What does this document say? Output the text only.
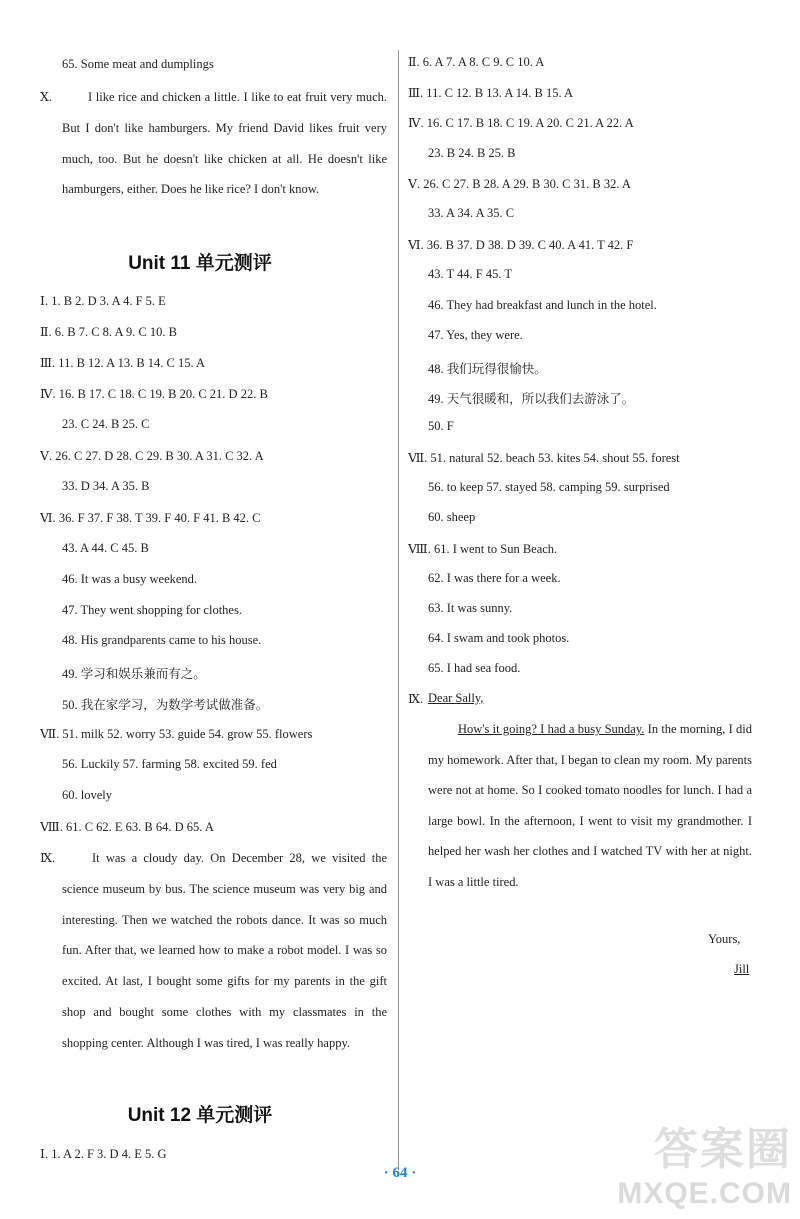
65. Some meat and dumplings
Ⅹ.	I like rice and chicken a little. I like to eat fruit very much. But I don't like hamburgers. My friend David likes fruit very much, too. But he doesn't like chicken at all. He doesn't like hamburgers, either. Does he like rice? I don't know.
Unit 11 单元测评
Ⅰ. 1. B 2. D 3. A 4. F 5. E
Ⅱ. 6. B 7. C 8. A 9. C 10. B
Ⅲ. 11. B 12. A 13. B 14. C 15. A
Ⅳ. 16. B 17. C 18. C 19. B 20. C 21. D 22. B
23. C 24. B 25. C
Ⅴ. 26. C 27. D 28. C 29. B 30. A 31. C 32. A
33. D 34. A 35. B
Ⅵ. 36. F 37. F 38. T 39. F 40. F 41. B 42. C
43. A 44. C 45. B
46. It was a busy weekend.
47. They went shopping for clothes.
48. His grandparents came to his house.
49. 学习和娱乐兼而有之。
50. 我在家学习，为数学考试做准备。
Ⅶ. 51. milk 52. worry 53. guide 54. grow 55. flowers
56. Luckily 57. farming 58. excited 59. fed
60. lovely
Ⅷ. 61. C 62. E 63. B 64. D 65. A
Ⅸ.	It was a cloudy day. On December 28, we visited the science museum by bus. The science museum was very big and interesting. Then we watched the robots dance. It was so much fun. After that, we learned how to make a robot model. I was so excited. At last, I bought some gifts for my parents in the gift shop and bought some clothes with my classmates in the shopping center. Although I was tired, I was really happy.
Unit 12 单元测评
Ⅰ. 1. A 2. F 3. D 4. E 5. G
Ⅱ. 6. A 7. A 8. C 9. C 10. A
Ⅲ. 11. C 12. B 13. A 14. B 15. A
Ⅳ. 16. C 17. B 18. C 19. A 20. C 21. A 22. A
23. B 24. B 25. B
Ⅴ. 26. C 27. B 28. A 29. B 30. C 31. B 32. A
33. A 34. A 35. C
Ⅵ. 36. B 37. D 38. D 39. C 40. A 41. T 42. F
43. T 44. F 45. T
46. They had breakfast and lunch in the hotel.
47. Yes, they were.
48. 我们玩得很愉快。
49. 天气很暖和，所以我们去游泳了。
50. F
Ⅶ. 51. natural 52. beach 53. kites 54. shout 55. forest
56. to keep 57. stayed 58. camping 59. surprised
60. sheep
Ⅷ. 61. I went to Sun Beach.
62. I was there for a week.
63. It was sunny.
64. I swam and took photos.
65. I had sea food.
Ⅸ. Dear Sally,
How's it going? I had a busy Sunday. In the morning, I did my homework. After that, I began to clean my room. My parents were not at home. So I cooked tomato noodles for lunch. I had a large bowl. In the afternoon, I went to visit my grandmother. I helped her wash her clothes and I watched TV with her at night. I was a little tired.
Yours,
Jill
· 64 ·	答案圈
MXQE.COM
